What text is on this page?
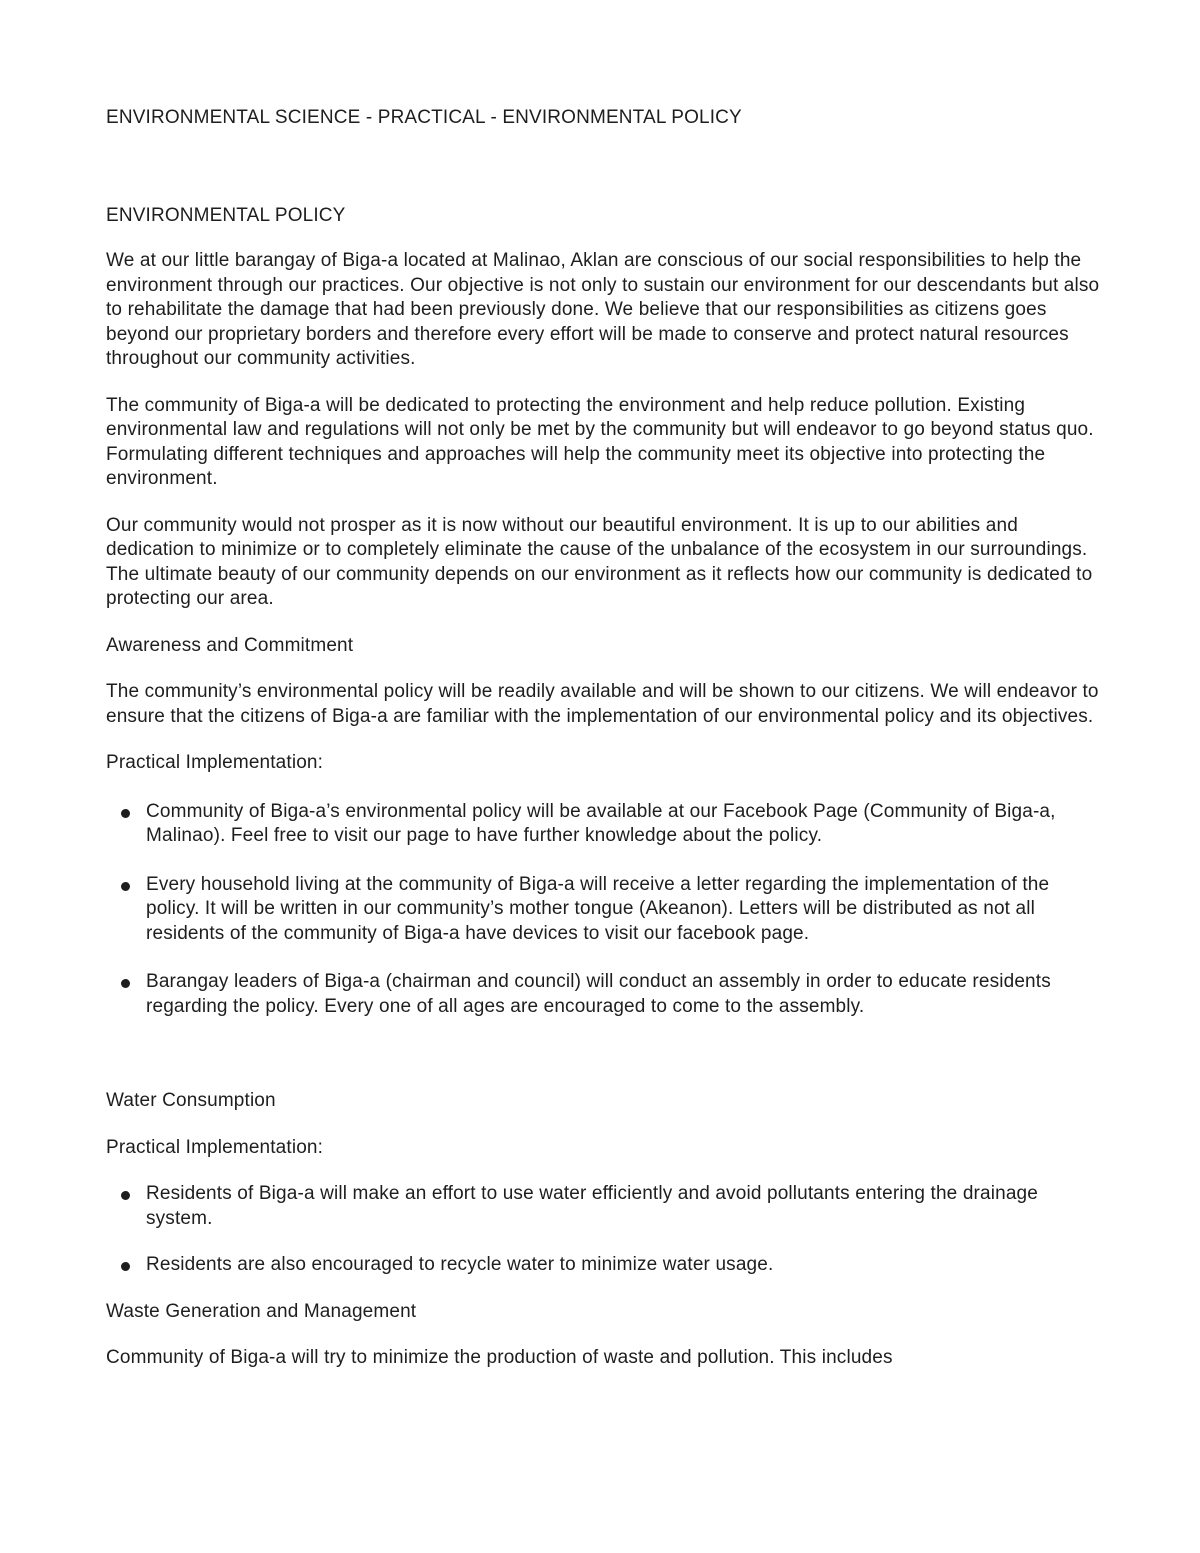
ENVIRONMENTAL SCIENCE - PRACTICAL - ENVIRONMENTAL POLICY
ENVIRONMENTAL POLICY

We at our little barangay of Biga-a located at Malinao, Aklan are conscious of our social responsibilities to help the environment through our practices. Our objective is not only to sustain our environment for our descendants but also to rehabilitate the damage that had been previously done. We believe that our responsibilities as citizens goes beyond our proprietary borders and therefore every effort will be made to conserve and protect natural resources throughout our community activities.

The community of Biga-a will be dedicated to protecting the environment and help reduce pollution. Existing environmental law and regulations will not only be met by the community but will endeavor to go beyond status quo. Formulating different techniques and approaches will help the community meet its objective into protecting the environment.

Our community would not prosper as it is now without our beautiful environment. It is up to our abilities and dedication to minimize or to completely eliminate the cause of the unbalance of the ecosystem in our surroundings. The ultimate beauty of our community depends on our environment as it reflects how our community is dedicated to protecting our area.

Awareness and Commitment

The community’s environmental policy will be readily available and will be shown to our citizens. We will endeavor to ensure that the citizens of Biga-a are familiar with the implementation of our environmental policy and its objectives.

Practical Implementation:
Community of Biga-a’s environmental policy will be available at our Facebook Page (Community of Biga-a, Malinao). Feel free to visit our page to have further knowledge about the policy.
Every household living at the community of Biga-a will receive a letter regarding the implementation of the policy. It will be written in our community’s mother tongue (Akeanon). Letters will be distributed as not all residents of the community of Biga-a have devices to visit our facebook page.
Barangay leaders of Biga-a (chairman and council) will conduct an assembly in order to educate residents regarding the policy. Every one of all ages are encouraged to come to the assembly.
Water Consumption
Practical Implementation:
Residents of Biga-a will make an effort to use water efficiently and avoid pollutants entering the drainage system.
Residents are also encouraged to recycle water to minimize water usage.
Waste Generation and Management

Community of Biga-a will try to minimize the production of waste and pollution. This includes
